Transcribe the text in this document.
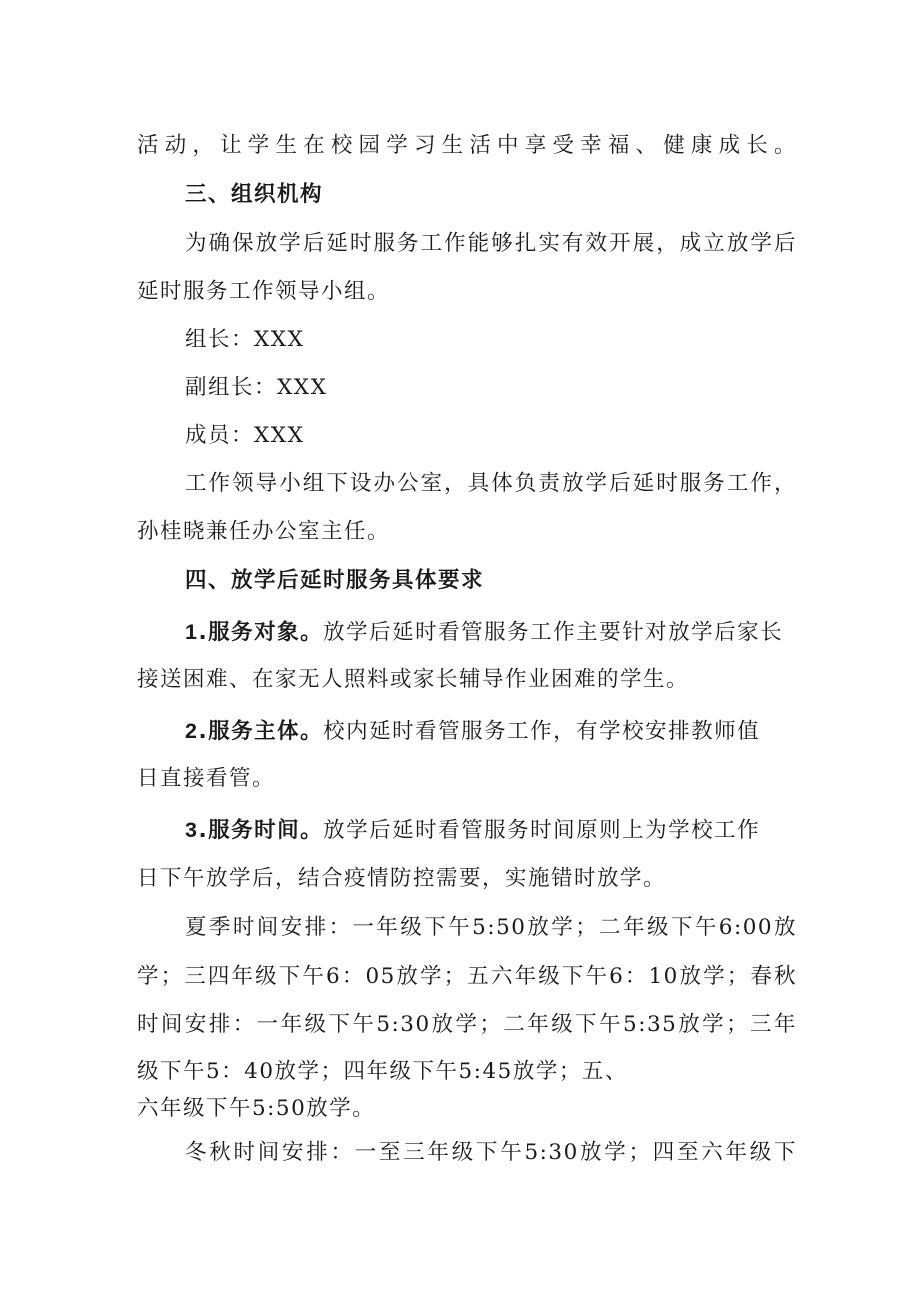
活动，让学生在校园学习生活中享受幸福、健康成长。
三、组织机构
为确保放学后延时服务工作能够扎实有效开展，成立放学后
延时服务工作领导小组。
组长：XXX
副组长：XXX
成员：XXX
工作领导小组下设办公室，具体负责放学后延时服务工作，
孙桂晓兼任办公室主任。
四、放学后延时服务具体要求
1.服务对象。放学后延时看管服务工作主要针对放学后家长
接送困难、在家无人照料或家长辅导作业困难的学生。
2.服务主体。校内延时看管服务工作，有学校安排教师值
日直接看管。
3.服务时间。放学后延时看管服务时间原则上为学校工作
日下午放学后，结合疫情防控需要，实施错时放学。
夏季时间安排：一年级下午5:50放学；二年级下午6:00放
学；三四年级下午6：05放学；五六年级下午6：10放学；春秋
时间安排：一年级下午5:30放学；二年级下午5:35放学；三年
级下午5：40放学；四年级下午5:45放学；五、
六年级下午5:50放学。
冬秋时间安排：一至三年级下午5:30放学；四至六年级下
